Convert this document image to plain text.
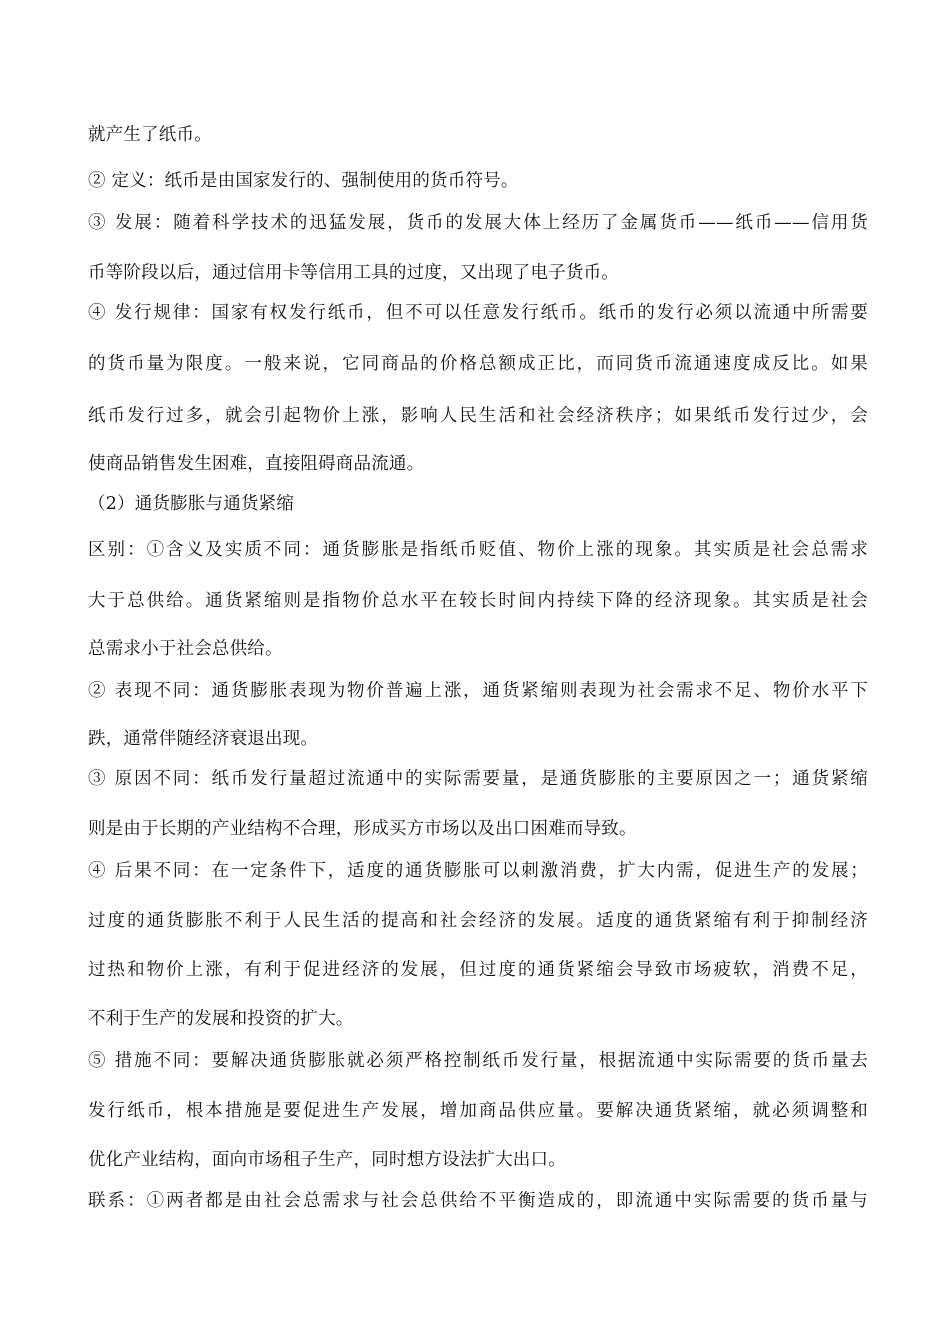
就产生了纸币。
② 定义：纸币是由国家发行的、强制使用的货币符号。
③ 发展：随着科学技术的迅猛发展，货币的发展大体上经历了金属货币——纸币——信用货
币等阶段以后，通过信用卡等信用工具的过度，又出现了电子货币。
④ 发行规律：国家有权发行纸币，但不可以任意发行纸币。纸币的发行必须以流通中所需要
的货币量为限度。一般来说，它同商品的价格总额成正比，而同货币流通速度成反比。如果
纸币发行过多，就会引起物价上涨，影响人民生活和社会经济秩序；如果纸币发行过少，会
使商品销售发生困难，直接阻碍商品流通。
（2）通货膨胀与通货紧缩
区别：①含义及实质不同：通货膨胀是指纸币贬值、物价上涨的现象。其实质是社会总需求
大于总供给。通货紧缩则是指物价总水平在较长时间内持续下降的经济现象。其实质是社会
总需求小于社会总供给。
② 表现不同：通货膨胀表现为物价普遍上涨，通货紧缩则表现为社会需求不足、物价水平下
跌，通常伴随经济衰退出现。
③ 原因不同：纸币发行量超过流通中的实际需要量，是通货膨胀的主要原因之一；通货紧缩
则是由于长期的产业结构不合理，形成买方市场以及出口困难而导致。
④ 后果不同：在一定条件下，适度的通货膨胀可以刺激消费，扩大内需，促进生产的发展；
过度的通货膨胀不利于人民生活的提高和社会经济的发展。适度的通货紧缩有利于抑制经济
过热和物价上涨，有利于促进经济的发展，但过度的通货紧缩会导致市场疲软，消费不足，
不利于生产的发展和投资的扩大。
⑤ 措施不同：要解决通货膨胀就必须严格控制纸币发行量，根据流通中实际需要的货币量去
发行纸币，根本措施是要促进生产发展，增加商品供应量。要解决通货紧缩，就必须调整和
优化产业结构，面向市场租子生产，同时想方设法扩大出口。
联系：①两者都是由社会总需求与社会总供给不平衡造成的，即流通中实际需要的货币量与
